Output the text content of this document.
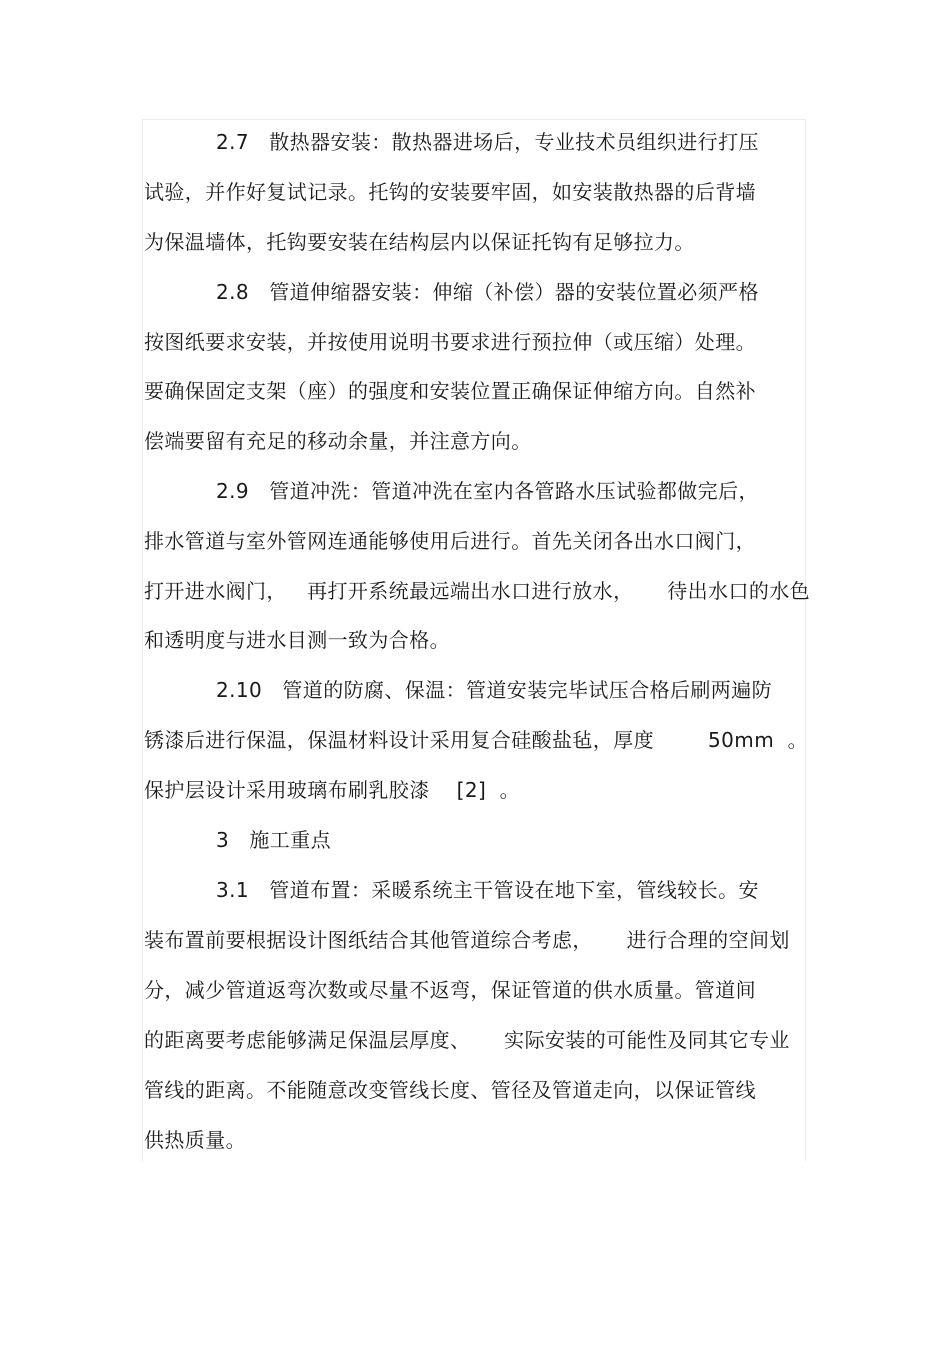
2.7   散热器安装：散热器进场后，专业技术员组织进行打压
试验，并作好复试记录。托钩的安装要牢固，如安装散热器的后背墙
为保温墙体，托钩要安装在结构层内以保证托钩有足够拉力。
2.8   管道伸缩器安装：伸缩（补偿）器的安装位置必须严格
按图纸要求安装，并按使用说明书要求进行预拉伸（或压缩）处理。
要确保固定支架（座）的强度和安装位置正确保证伸缩方向。自然补
偿端要留有充足的移动余量，并注意方向。
2.9   管道冲洗：管道冲洗在室内各管路水压试验都做完后，
排水管道与室外管网连通能够使用后进行。首先关闭各出水口阀门，
打开进水阀门，   再打开系统最远端出水口进行放水，     待出水口的水色
和透明度与进水目测一致为合格。
2.10   管道的防腐、保温：管道安装完毕试压合格后刷两遍防
锈漆后进行保温，保温材料设计采用复合硅酸盐毡，厚度        50mm  。
保护层设计采用玻璃布刷乳胶漆    [2]  。
3   施工重点
3.1   管道布置：采暖系统主干管设在地下室，管线较长。安
装布置前要根据设计图纸结合其他管道综合考虑，     进行合理的空间划
分，减少管道返弯次数或尽量不返弯，保证管道的供水质量。管道间
的距离要考虑能够满足保温层厚度、     实际安装的可能性及同其它专业
管线的距离。不能随意改变管线长度、管径及管道走向，以保证管线
供热质量。
